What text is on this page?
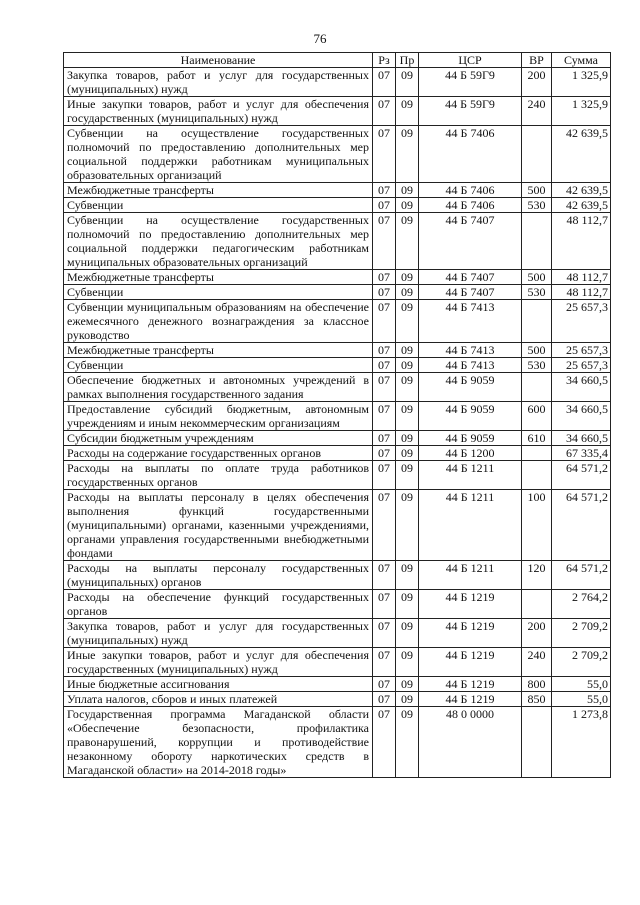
76
Наименование	Рз	Пр	ЦСР	ВР	Сумма
Закупка товаров, работ и услуг для государственных (муниципальных) нужд	07	09	44 Б 59Г9	200	1 325,9
Иные закупки товаров, работ и услуг для обеспечения государственных (муниципальных) нужд	07	09	44 Б 59Г9	240	1 325,9
Субвенции на осуществление государственных полномочий по предоставлению дополнительных мер социальной поддержки работникам муниципальных образовательных организаций	07	09	44 Б 7406		42 639,5
Межбюджетные трансферты	07	09	44 Б 7406	500	42 639,5
Субвенции	07	09	44 Б 7406	530	42 639,5
Субвенции на осуществление государственных полномочий по предоставлению дополнительных мер социальной поддержки педагогическим работникам муниципальных образовательных организаций	07	09	44 Б 7407		48 112,7
Межбюджетные трансферты	07	09	44 Б 7407	500	48 112,7
Субвенции	07	09	44 Б 7407	530	48 112,7
Субвенции муниципальным образованиям на обеспечение ежемесячного денежного вознаграждения за классное руководство	07	09	44 Б 7413		25 657,3
Межбюджетные трансферты	07	09	44 Б 7413	500	25 657,3
Субвенции	07	09	44 Б 7413	530	25 657,3
Обеспечение бюджетных и автономных учреждений в рамках выполнения государственного задания	07	09	44 Б 9059		34 660,5
Предоставление субсидий бюджетным, автономным учреждениям и иным некоммерческим организациям	07	09	44 Б 9059	600	34 660,5
Субсидии бюджетным учреждениям	07	09	44 Б 9059	610	34 660,5
Расходы на содержание государственных органов	07	09	44 Б 1200		67 335,4
Расходы на выплаты по оплате труда работников государственных органов	07	09	44 Б 1211		64 571,2
Расходы на выплаты персоналу в целях обеспечения выполнения функций государственными (муниципальными) органами, казенными учреждениями, органами управления государственными внебюджетными фондами	07	09	44 Б 1211	100	64 571,2
Расходы на выплаты персоналу государственных (муниципальных) органов	07	09	44 Б 1211	120	64 571,2
Расходы на обеспечение функций государственных органов	07	09	44 Б 1219		2 764,2
Закупка товаров, работ и услуг для государственных (муниципальных) нужд	07	09	44 Б 1219	200	2 709,2
Иные закупки товаров, работ и услуг для обеспечения государственных (муниципальных) нужд	07	09	44 Б 1219	240	2 709,2
Иные бюджетные ассигнования	07	09	44 Б 1219	800	55,0
Уплата налогов, сборов и иных платежей	07	09	44 Б 1219	850	55,0
Государственная программа Магаданской области «Обеспечение безопасности, профилактика правонарушений, коррупции и противодействие незаконному обороту наркотических средств в Магаданской области» на 2014-2018 годы»	07	09	48 0 0000		1 273,8
